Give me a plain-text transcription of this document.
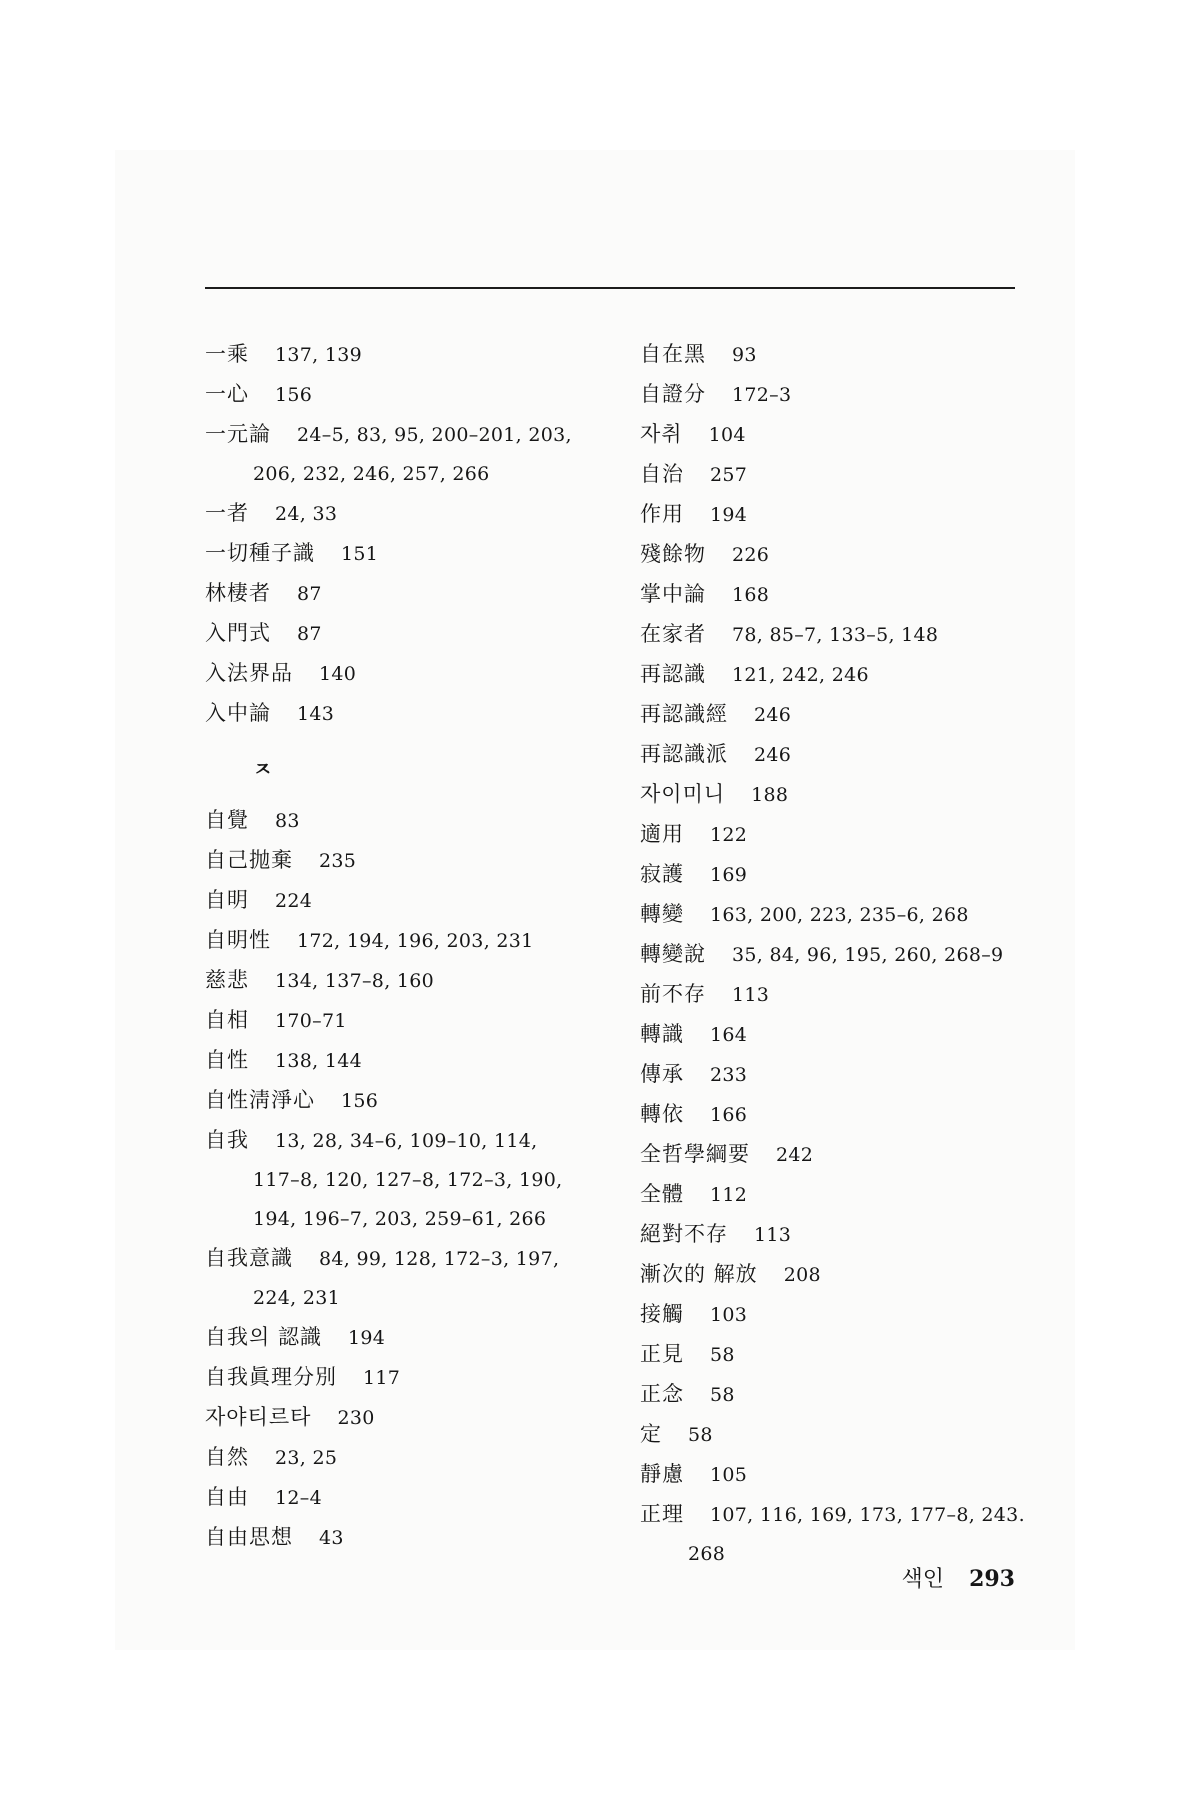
一乘 137, 139
一心 156
一元論 24–5, 83, 95, 200–201, 203,
206, 232, 246, 257, 266
一者 24, 33
一切種子識 151
林棲者 87
入門式 87
入法界品 140
入中論 143
ㅈ
自覺 83
自己抛棄 235
自明 224
自明性 172, 194, 196, 203, 231
慈悲 134, 137–8, 160
自相 170–71
自性 138, 144
自性淸淨心 156
自我 13, 28, 34–6, 109–10, 114,
117–8, 120, 127–8, 172–3, 190,
194, 196–7, 203, 259–61, 266
自我意識 84, 99, 128, 172–3, 197,
224, 231
自我의 認識 194
自我眞理分別 117
자야티르타 230
自然 23, 25
自由 12–4
自由思想 43
自在黑 93
自證分 172–3
자취 104
自治 257
作用 194
殘餘物 226
掌中論 168
在家者 78, 85–7, 133–5, 148
再認識 121, 242, 246
再認識經 246
再認識派 246
자이미니 188
適用 122
寂護 169
轉變 163, 200, 223, 235–6, 268
轉變說 35, 84, 96, 195, 260, 268–9
前不存 113
轉識 164
傳承 233
轉依 166
全哲學綱要 242
全體 112
絕對不存 113
漸次的 解放 208
接觸 103
正見 58
正念 58
定 58
靜慮 105
正理 107, 116, 169, 173, 177–8, 243.
268
색인 293
